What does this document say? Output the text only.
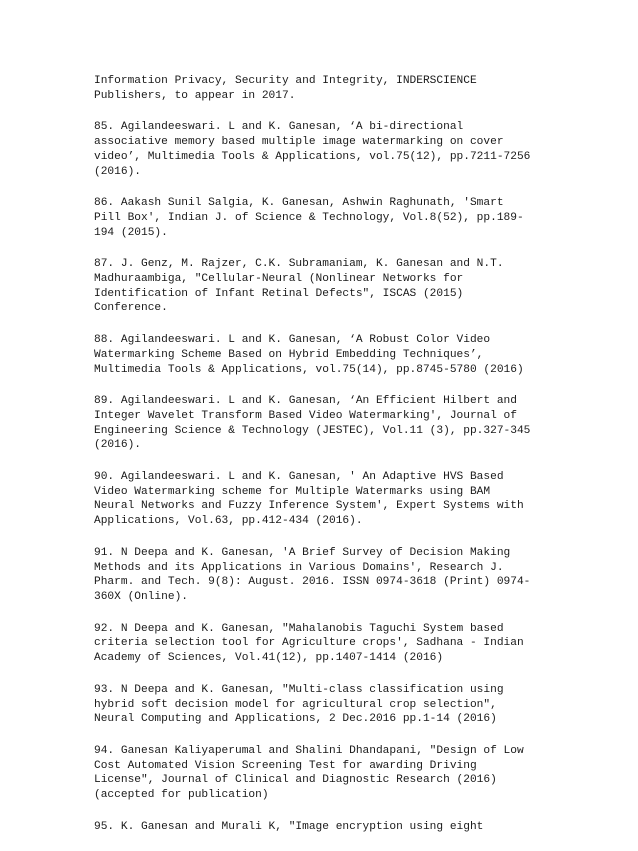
Information Privacy, Security and Integrity, INDERSCIENCE
Publishers, to appear in 2017.
85. Agilandeeswari. L and K. Ganesan, ‘A bi-directional
associative memory based multiple image watermarking on cover
video’, Multimedia Tools & Applications, vol.75(12), pp.7211-7256
(2016).
86. Aakash Sunil Salgia, K. Ganesan, Ashwin Raghunath, 'Smart
Pill Box', Indian J. of Science & Technology, Vol.8(52), pp.189-
194 (2015).
87. J. Genz, M. Rajzer, C.K. Subramaniam, K. Ganesan and N.T.
Madhuraambiga, "Cellular-Neural (Nonlinear Networks for
Identification of Infant Retinal Defects", ISCAS (2015)
Conference.
88. Agilandeeswari. L and K. Ganesan, ‘A Robust Color Video
Watermarking Scheme Based on Hybrid Embedding Techniques’,
Multimedia Tools & Applications, vol.75(14), pp.8745-5780 (2016)
89. Agilandeeswari. L and K. Ganesan, ‘An Efficient Hilbert and
Integer Wavelet Transform Based Video Watermarking', Journal of
Engineering Science & Technology (JESTEC), Vol.11 (3), pp.327-345
(2016).
90. Agilandeeswari. L and K. Ganesan, ' An Adaptive HVS Based
Video Watermarking scheme for Multiple Watermarks using BAM
Neural Networks and Fuzzy Inference System', Expert Systems with
Applications, Vol.63, pp.412-434 (2016).
91. N Deepa and K. Ganesan, 'A Brief Survey of Decision Making
Methods and its Applications in Various Domains', Research J.
Pharm. and Tech. 9(8): August. 2016. ISSN 0974-3618 (Print) 0974-
360X (Online).
92. N Deepa and K. Ganesan, "Mahalanobis Taguchi System based
criteria selection tool for Agriculture crops', Sadhana - Indian
Academy of Sciences, Vol.41(12), pp.1407-1414 (2016)
93. N Deepa and K. Ganesan, "Multi-class classification using
hybrid soft decision model for agricultural crop selection",
Neural Computing and Applications, 2 Dec.2016 pp.1-14 (2016)
94. Ganesan Kaliyaperumal and Shalini Dhandapani, "Design of Low
Cost Automated Vision Screening Test for awarding Driving
License", Journal of Clinical and Diagnostic Research (2016)
(accepted for publication)
95. K. Ganesan and Murali K, "Image encryption using eight
